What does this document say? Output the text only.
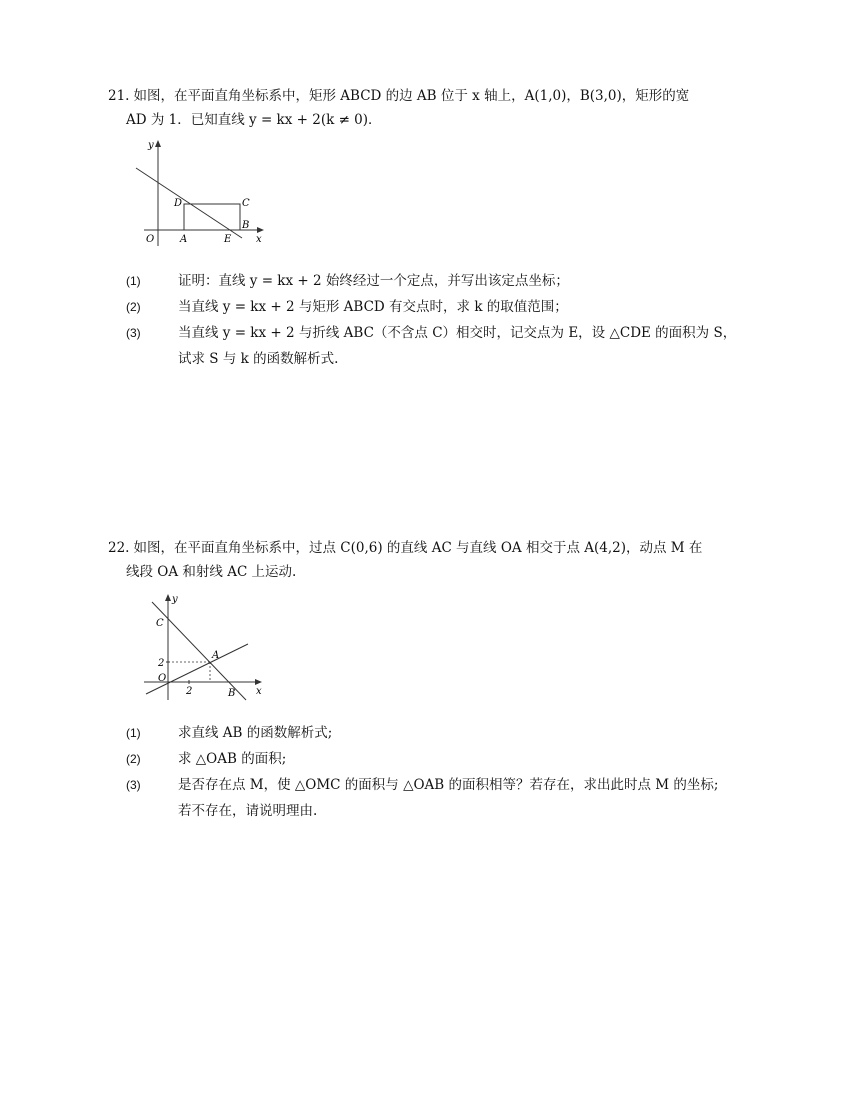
21. 如图，在平面直角坐标系中，矩形 ABCD 的边 AB 位于 x 轴上，A(1,0)，B(3,0)，矩形的宽

AD 为 1．已知直线 y = kx + 2(k ≠ 0)．

y
x
O	A	E
B
C
D
(1)	证明：直线 y = kx + 2 始终经过一个定点，并写出该定点坐标；
(2)	当直线 y = kx + 2 与矩形 ABCD 有交点时，求 k 的取值范围；
(3)	当直线 y = kx + 2 与折线 ABC（不含点 C）相交时，记交点为 E，设 △CDE 的面积为 S，
试求 S 与 k 的函数解析式.

22. 如图，在平面直角坐标系中，过点 C(0,6) 的直线 AC 与直线 OA 相交于点 A(4,2)，动点 M 在

线段 OA 和射线 AC 上运动.

y
x
O
C
A
B
2
2
(1)	求直线 AB 的函数解析式;
(2)	求 △OAB 的面积;
(3)	是否存在点 M，使 △OMC 的面积与 △OAB 的面积相等？若存在，求出此时点 M 的坐标;
若不存在，请说明理由.
